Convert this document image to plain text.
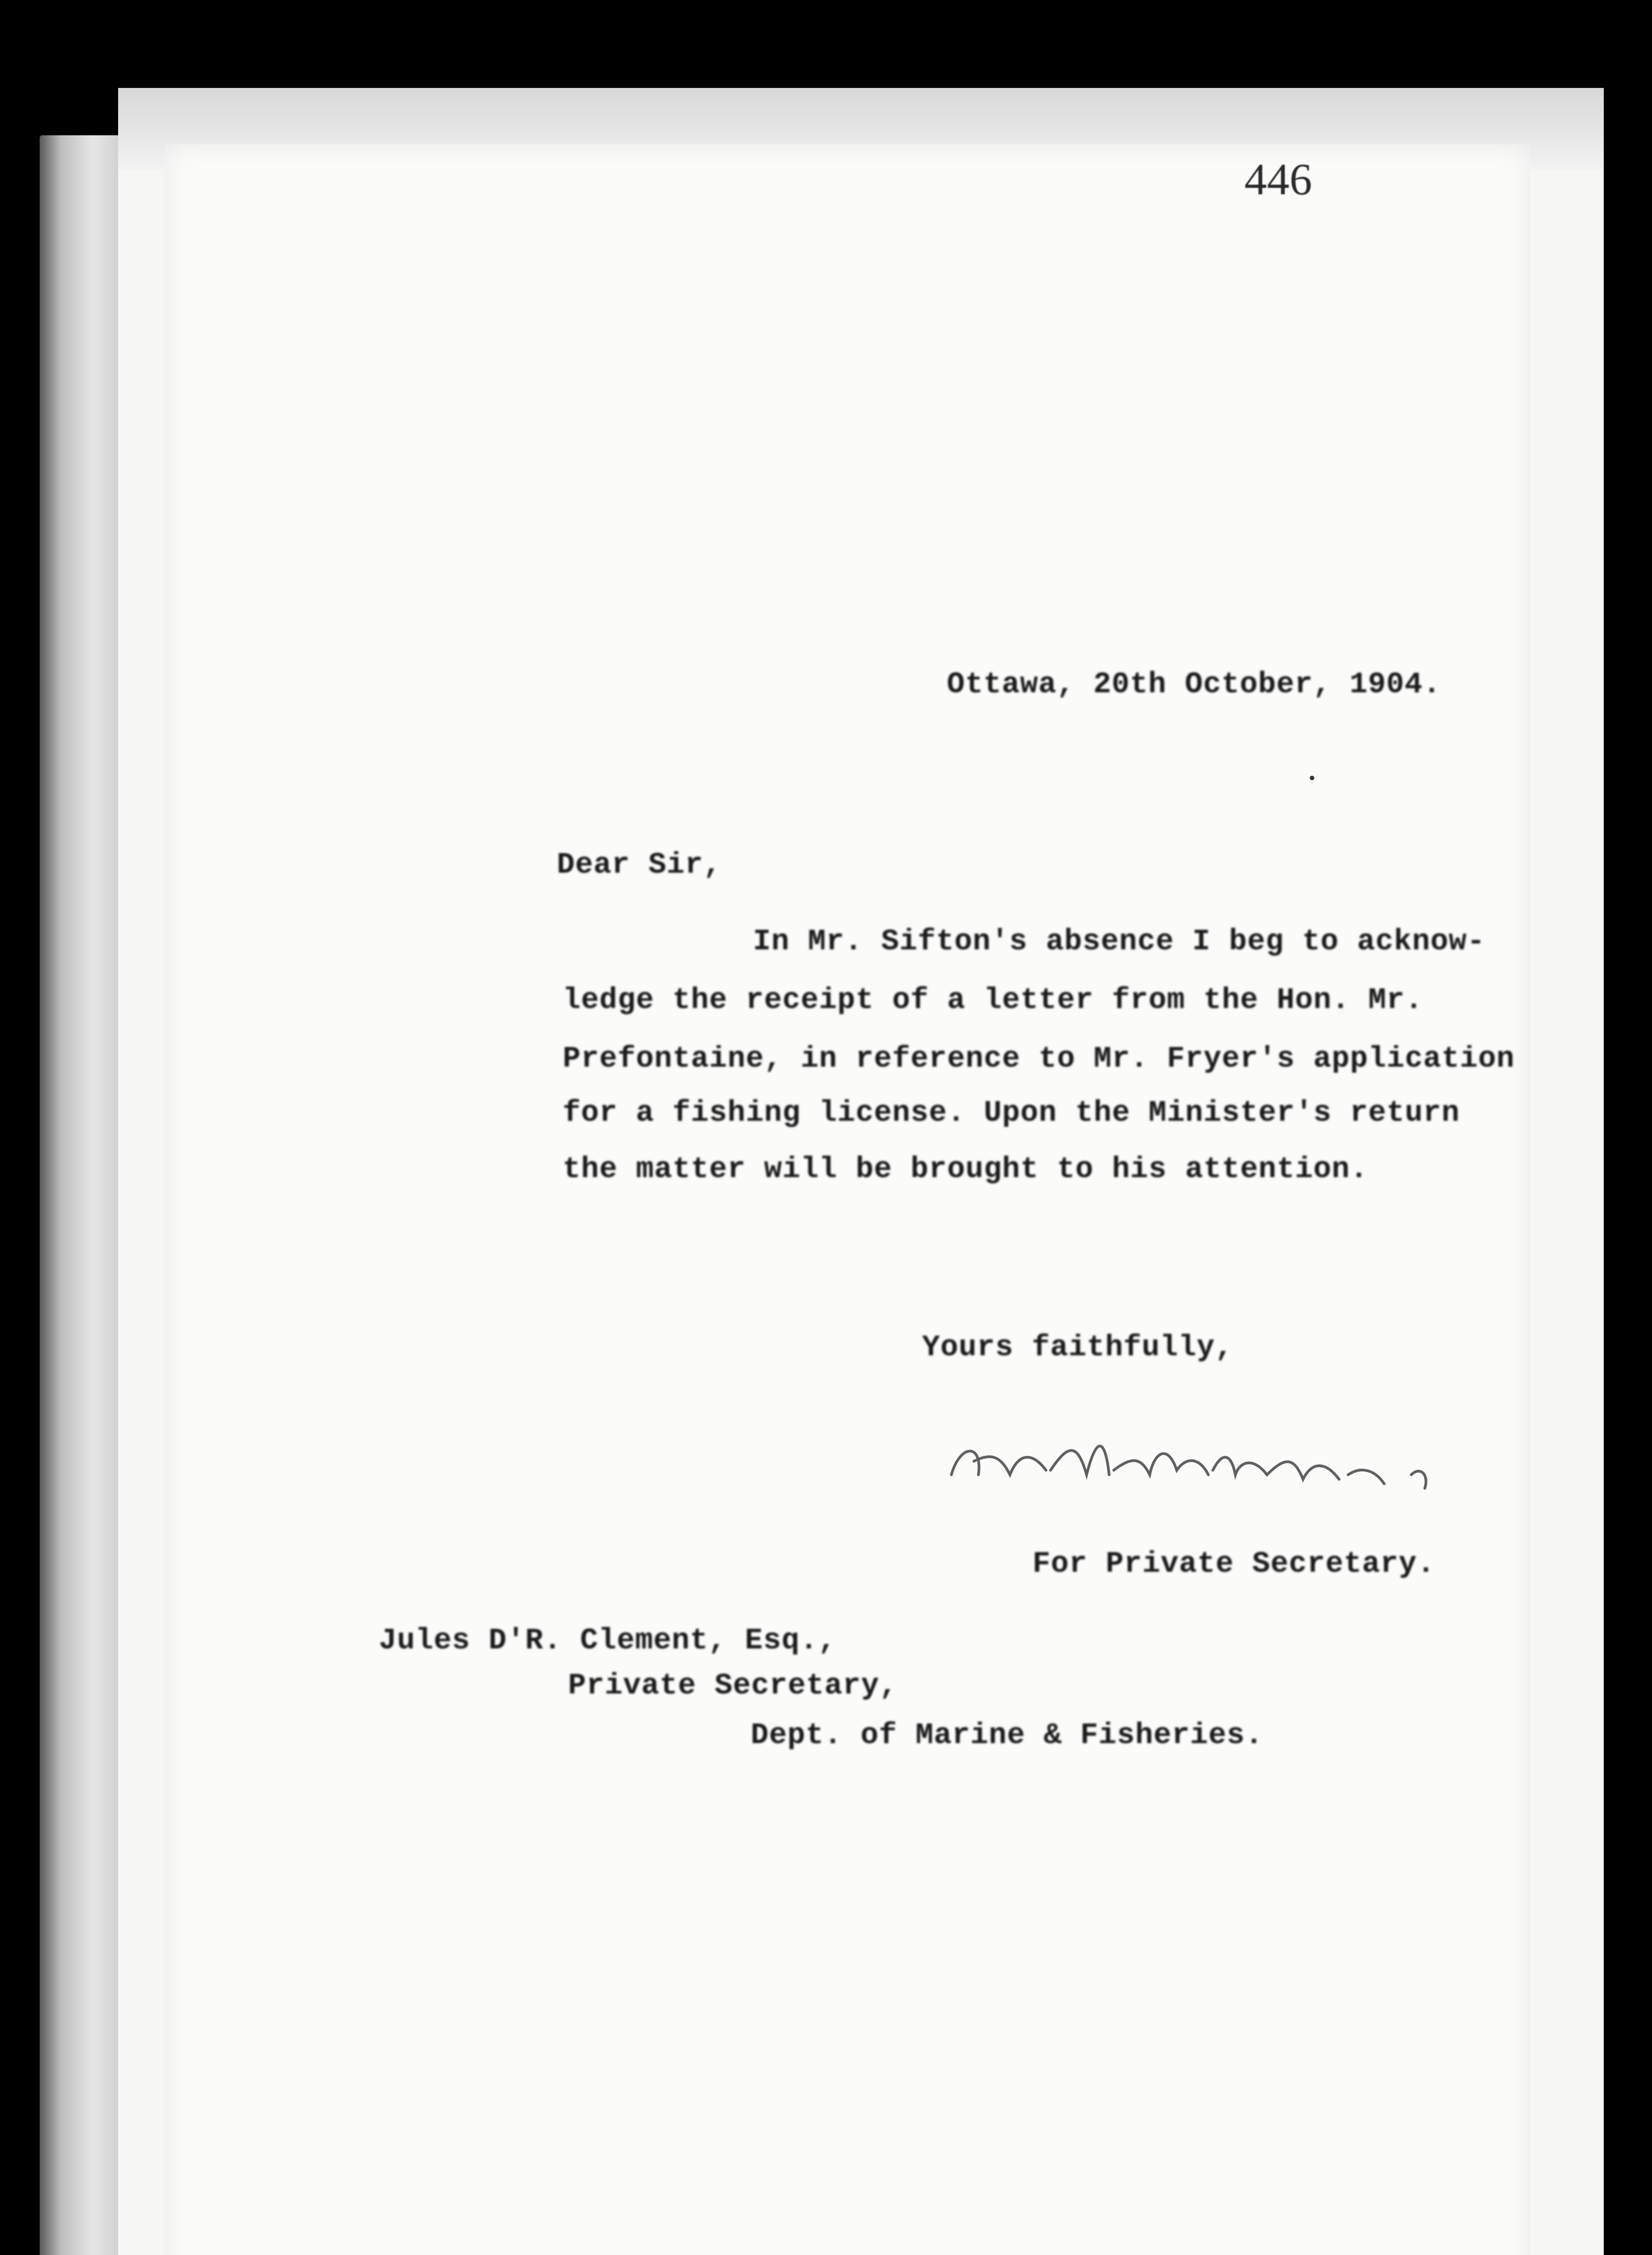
446
Ottawa, 20th October, 1904.
Dear Sir,
In Mr. Sifton's absence I beg to acknow-
ledge the receipt of a letter from the Hon. Mr.
Prefontaine, in reference to Mr. Fryer's application
for a fishing license. Upon the Minister's return
the matter will be brought to his attention.
Yours faithfully,
For Private Secretary.
Jules D'R. Clement, Esq.,
Private Secretary,
Dept. of Marine & Fisheries.
